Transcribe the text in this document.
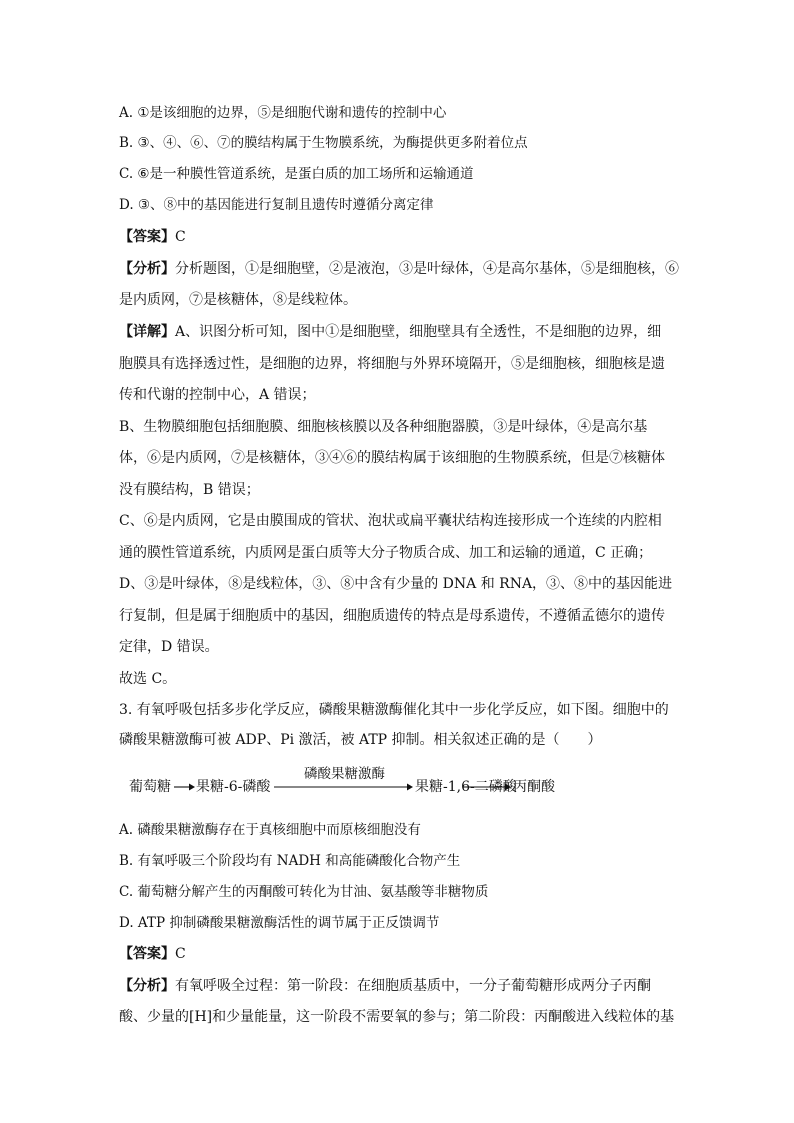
A. ①是该细胞的边界，⑤是细胞代谢和遗传的控制中心
B. ③、④、⑥、⑦的膜结构属于生物膜系统，为酶提供更多附着位点
C. ⑥是一种膜性管道系统，是蛋白质的加工场所和运输通道
D. ③、⑧中的基因能进行复制且遗传时遵循分离定律
【答案】C
【分析】分析题图，①是细胞壁，②是液泡，③是叶绿体，④是高尔基体，⑤是细胞核，⑥
是内质网，⑦是核糖体，⑧是线粒体。
【详解】A、识图分析可知，图中①是细胞壁，细胞壁具有全透性，不是细胞的边界，细
胞膜具有选择透过性，是细胞的边界，将细胞与外界环境隔开，⑤是细胞核，细胞核是遗
传和代谢的控制中心，A 错误；
B、生物膜细胞包括细胞膜、细胞核核膜以及各种细胞器膜，③是叶绿体，④是高尔基
体，⑥是内质网，⑦是核糖体，③④⑥的膜结构属于该细胞的生物膜系统，但是⑦核糖体
没有膜结构，B 错误；
C、⑥是内质网，它是由膜围成的管状、泡状或扁平囊状结构连接形成一个连续的内腔相
通的膜性管道系统，内质网是蛋白质等大分子物质合成、加工和运输的通道，C 正确；
D、③是叶绿体，⑧是线粒体，③、⑧中含有少量的 DNA 和 RNA，③、⑧中的基因能进
行复制，但是属于细胞质中的基因，细胞质遗传的特点是母系遗传，不遵循孟德尔的遗传
定律，D 错误。
故选 C。
3. 有氧呼吸包括多步化学反应，磷酸果糖激酶催化其中一步化学反应，如下图。细胞中的
磷酸果糖激酶可被 ADP、Pi 激活，被 ATP 抑制。相关叙述正确的是（　　）
葡萄糖 果糖-6-磷酸
磷酸果糖激酶
果糖-1,6-二磷酸
丙酮酸
A. 磷酸果糖激酶存在于真核细胞中而原核细胞没有
B. 有氧呼吸三个阶段均有 NADH 和高能磷酸化合物产生
C. 葡萄糖分解产生的丙酮酸可转化为甘油、氨基酸等非糖物质
D. ATP 抑制磷酸果糖激酶活性的调节属于正反馈调节
【答案】C
【分析】有氧呼吸全过程：第一阶段：在细胞质基质中，一分子葡萄糖形成两分子丙酮
酸、少量的[H]和少量能量，这一阶段不需要氧的参与；第二阶段：丙酮酸进入线粒体的基
